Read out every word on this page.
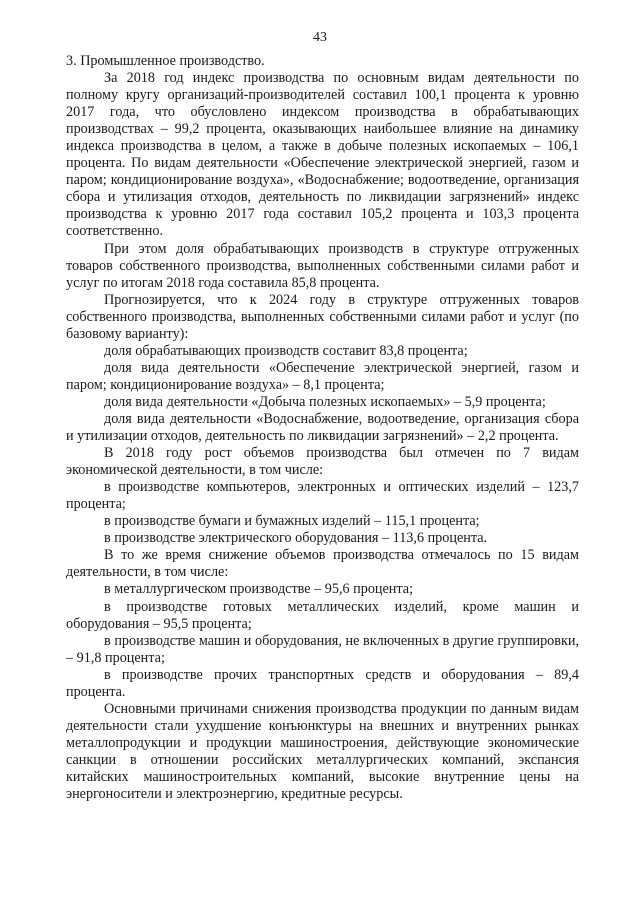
43

3. Промышленное производство.

За 2018 год индекс производства по основным видам деятельности по полному кругу организаций-производителей составил 100,1 процента к уровню 2017 года, что обусловлено индексом производства в обрабатывающих производствах – 99,2 процента, оказывающих наибольшее влияние на динамику индекса производства в целом, а также в добыче полезных ископаемых – 106,1 процента. По видам деятельности «Обеспечение электрической энергией, газом и паром; кондиционирование воздуха», «Водоснабжение; водоотведение, организация сбора и утилизация отходов, деятельность по ликвидации загрязнений» индекс производства к уровню 2017 года составил 105,2 процента и 103,3 процента соответственно.

При этом доля обрабатывающих производств в структуре отгруженных товаров собственного производства, выполненных собственными силами работ и услуг по итогам 2018 года составила 85,8 процента.

Прогнозируется, что к 2024 году в структуре отгруженных товаров собственного производства, выполненных собственными силами работ и услуг (по базовому варианту):

доля обрабатывающих производств составит 83,8 процента;

доля вида деятельности «Обеспечение электрической энергией, газом и паром; кондиционирование воздуха» – 8,1 процента;

доля вида деятельности «Добыча полезных ископаемых» – 5,9 процента;

доля вида деятельности «Водоснабжение, водоотведение, организация сбора и утилизации отходов, деятельность по ликвидации загрязнений» – 2,2 процента.

В 2018 году рост объемов производства был отмечен по 7 видам экономической деятельности, в том числе:

в производстве компьютеров, электронных и оптических изделий – 123,7 процента;

в производстве бумаги и бумажных изделий – 115,1 процента;

в производстве электрического оборудования – 113,6 процента.

В то же время снижение объемов производства отмечалось по 15 видам деятельности, в том числе:

в металлургическом производстве – 95,6 процента;

в производстве готовых металлических изделий, кроме машин и оборудования – 95,5 процента;

в производстве машин и оборудования, не включенных в другие группировки, – 91,8 процента;

в производстве прочих транспортных средств и оборудования – 89,4 процента.

Основными причинами снижения производства продукции по данным видам деятельности стали ухудшение конъюнктуры на внешних и внутренних рынках металлопродукции и продукции машиностроения, действующие экономические санкции в отношении российских металлургических компаний, экспансия китайских машиностроительных компаний, высокие внутренние цены на энергоносители и электроэнергию, кредитные ресурсы.
